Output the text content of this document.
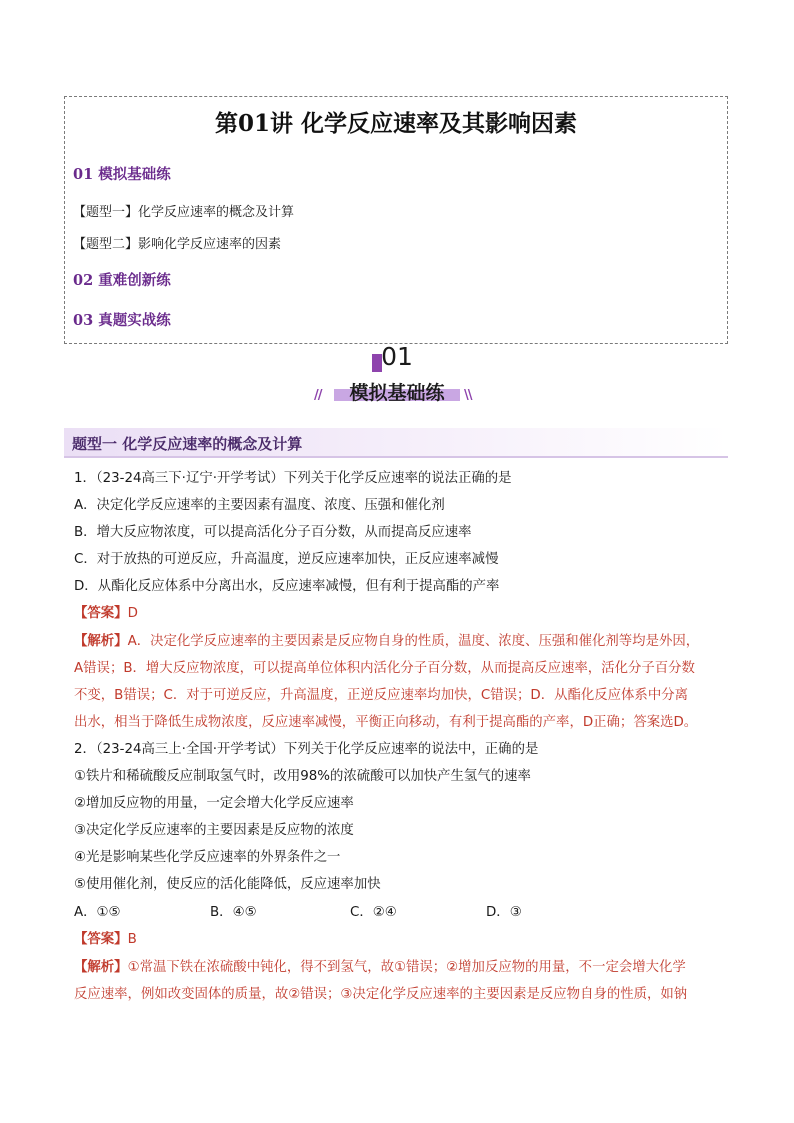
第01讲 化学反应速率及其影响因素
01 模拟基础练
【题型一】化学反应速率的概念及计算
【题型二】影响化学反应速率的因素
02 重难创新练
03 真题实战练
01
//	模拟基础练	\\
题型一 化学反应速率的概念及计算
1．（23-24高三下·辽宁·开学考试）下列关于化学反应速率的说法正确的是
A．决定化学反应速率的主要因素有温度、浓度、压强和催化剂
B．增大反应物浓度，可以提高活化分子百分数，从而提高反应速率
C．对于放热的可逆反应，升高温度，逆反应速率加快，正反应速率减慢
D．从酯化反应体系中分离出水，反应速率减慢，但有利于提高酯的产率
【答案】D
【解析】A．决定化学反应速率的主要因素是反应物自身的性质，温度、浓度、压强和催化剂等均是外因，
A错误；B．增大反应物浓度，可以提高单位体积内活化分子百分数，从而提高反应速率，活化分子百分数
不变，B错误；C．对于可逆反应，升高温度，正逆反应速率均加快，C错误；D．从酯化反应体系中分离
出水，相当于降低生成物浓度，反应速率减慢，平衡正向移动，有利于提高酯的产率，D正确；答案选D。
2．（23-24高三上·全国·开学考试）下列关于化学反应速率的说法中，正确的是
①铁片和稀硫酸反应制取氢气时，改用98%的浓硫酸可以加快产生氢气的速率
②增加反应物的用量，一定会增大化学反应速率
③决定化学反应速率的主要因素是反应物的浓度
④光是影响某些化学反应速率的外界条件之一
⑤使用催化剂，使反应的活化能降低，反应速率加快
A．①⑤	B．④⑤	C．②④	D．③
【答案】B
【解析】①常温下铁在浓硫酸中钝化，得不到氢气，故①错误；②增加反应物的用量，不一定会增大化学
反应速率，例如改变固体的质量，故②错误；③决定化学反应速率的主要因素是反应物自身的性质，如钠
